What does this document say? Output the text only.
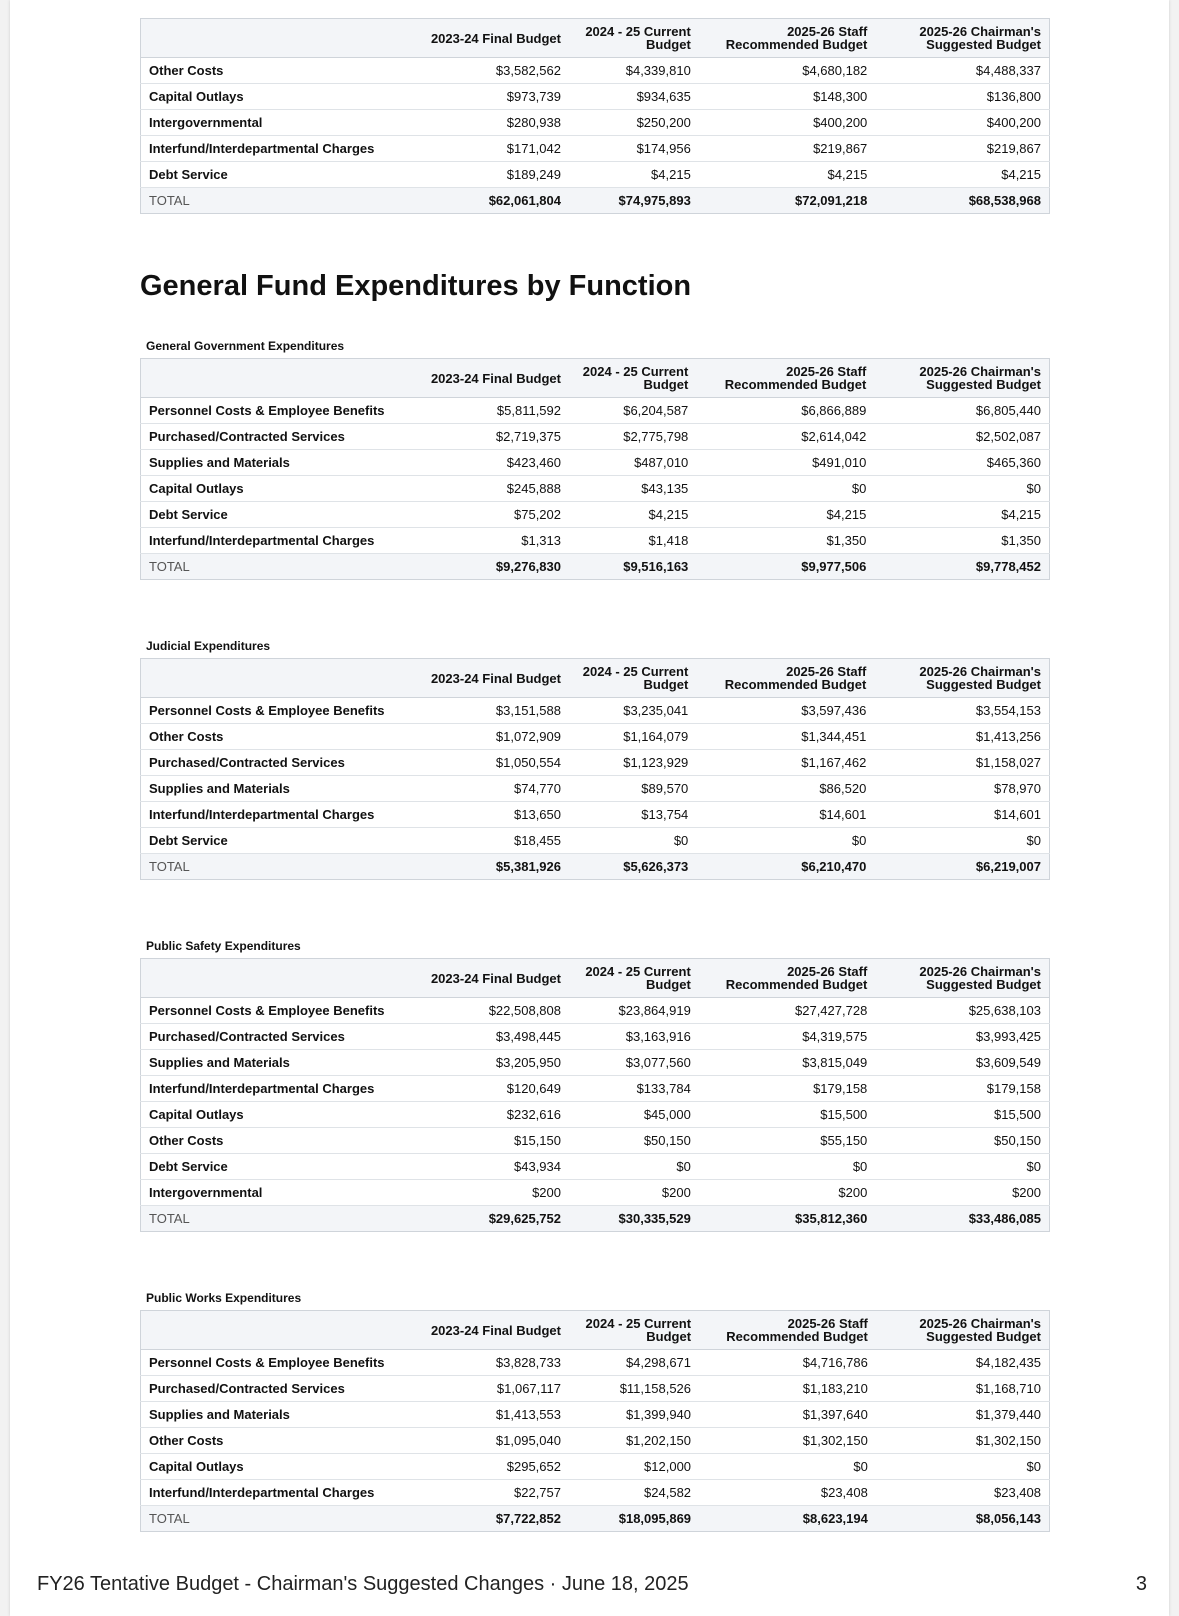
	2023-24 Final Budget	2024 - 25 Current Budget	2025-26 Staff Recommended Budget	2025-26 Chairman's Suggested Budget
Other Costs	$3,582,562	$4,339,810	$4,680,182	$4,488,337
Capital Outlays	$973,739	$934,635	$148,300	$136,800
Intergovernmental	$280,938	$250,200	$400,200	$400,200
Interfund/Interdepartmental Charges	$171,042	$174,956	$219,867	$219,867
Debt Service	$189,249	$4,215	$4,215	$4,215
TOTAL	$62,061,804	$74,975,893	$72,091,218	$68,538,968
General Fund Expenditures by Function
General Government Expenditures
	2023-24 Final Budget	2024 - 25 Current Budget	2025-26 Staff Recommended Budget	2025-26 Chairman's Suggested Budget
Personnel Costs & Employee Benefits	$5,811,592	$6,204,587	$6,866,889	$6,805,440
Purchased/Contracted Services	$2,719,375	$2,775,798	$2,614,042	$2,502,087
Supplies and Materials	$423,460	$487,010	$491,010	$465,360
Capital Outlays	$245,888	$43,135	$0	$0
Debt Service	$75,202	$4,215	$4,215	$4,215
Interfund/Interdepartmental Charges	$1,313	$1,418	$1,350	$1,350
TOTAL	$9,276,830	$9,516,163	$9,977,506	$9,778,452
Judicial Expenditures
	2023-24 Final Budget	2024 - 25 Current Budget	2025-26 Staff Recommended Budget	2025-26 Chairman's Suggested Budget
Personnel Costs & Employee Benefits	$3,151,588	$3,235,041	$3,597,436	$3,554,153
Other Costs	$1,072,909	$1,164,079	$1,344,451	$1,413,256
Purchased/Contracted Services	$1,050,554	$1,123,929	$1,167,462	$1,158,027
Supplies and Materials	$74,770	$89,570	$86,520	$78,970
Interfund/Interdepartmental Charges	$13,650	$13,754	$14,601	$14,601
Debt Service	$18,455	$0	$0	$0
TOTAL	$5,381,926	$5,626,373	$6,210,470	$6,219,007
Public Safety Expenditures
	2023-24 Final Budget	2024 - 25 Current Budget	2025-26 Staff Recommended Budget	2025-26 Chairman's Suggested Budget
Personnel Costs & Employee Benefits	$22,508,808	$23,864,919	$27,427,728	$25,638,103
Purchased/Contracted Services	$3,498,445	$3,163,916	$4,319,575	$3,993,425
Supplies and Materials	$3,205,950	$3,077,560	$3,815,049	$3,609,549
Interfund/Interdepartmental Charges	$120,649	$133,784	$179,158	$179,158
Capital Outlays	$232,616	$45,000	$15,500	$15,500
Other Costs	$15,150	$50,150	$55,150	$50,150
Debt Service	$43,934	$0	$0	$0
Intergovernmental	$200	$200	$200	$200
TOTAL	$29,625,752	$30,335,529	$35,812,360	$33,486,085
Public Works Expenditures
	2023-24 Final Budget	2024 - 25 Current Budget	2025-26 Staff Recommended Budget	2025-26 Chairman's Suggested Budget
Personnel Costs & Employee Benefits	$3,828,733	$4,298,671	$4,716,786	$4,182,435
Purchased/Contracted Services	$1,067,117	$11,158,526	$1,183,210	$1,168,710
Supplies and Materials	$1,413,553	$1,399,940	$1,397,640	$1,379,440
Other Costs	$1,095,040	$1,202,150	$1,302,150	$1,302,150
Capital Outlays	$295,652	$12,000	$0	$0
Interfund/Interdepartmental Charges	$22,757	$24,582	$23,408	$23,408
TOTAL	$7,722,852	$18,095,869	$8,623,194	$8,056,143
FY26 Tentative Budget - Chairman's Suggested Changes · June 18, 2025	3
